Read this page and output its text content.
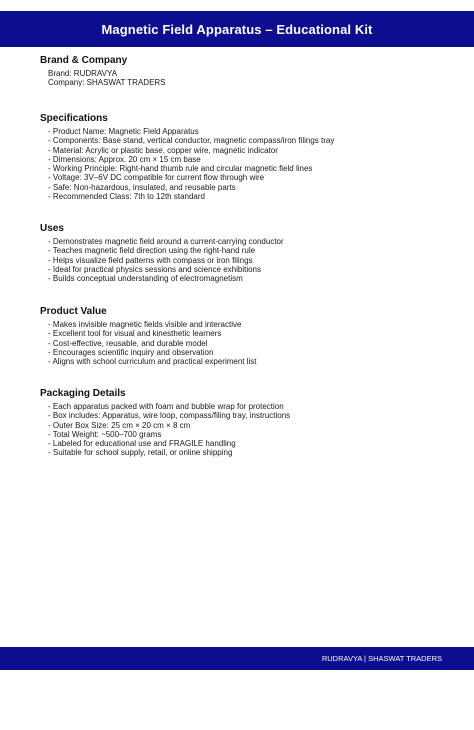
Magnetic Field Apparatus – Educational Kit
Brand & Company
Brand: RUDRAVYA
Company: SHASWAT TRADERS
Specifications
- Product Name: Magnetic Field Apparatus
- Components: Base stand, vertical conductor, magnetic compass/iron filings tray
- Material: Acrylic or plastic base, copper wire, magnetic indicator
- Dimensions: Approx. 20 cm × 15 cm base
- Working Principle: Right-hand thumb rule and circular magnetic field lines
- Voltage: 3V–6V DC compatible for current flow through wire
- Safe: Non-hazardous, insulated, and reusable parts
- Recommended Class: 7th to 12th standard
Uses
- Demonstrates magnetic field around a current-carrying conductor
- Teaches magnetic field direction using the right-hand rule
- Helps visualize field patterns with compass or iron filings
- Ideal for practical physics sessions and science exhibitions
- Builds conceptual understanding of electromagnetism
Product Value
- Makes invisible magnetic fields visible and interactive
- Excellent tool for visual and kinesthetic learners
- Cost-effective, reusable, and durable model
- Encourages scientific inquiry and observation
- Aligns with school curriculum and practical experiment list
Packaging Details
- Each apparatus packed with foam and bubble wrap for protection
- Box includes: Apparatus, wire loop, compass/filing tray, instructions
- Outer Box Size: 25 cm × 20 cm × 8 cm
- Total Weight: ~500–700 grams
- Labeled for educational use and FRAGILE handling
- Suitable for school supply, retail, or online shipping
RUDRAVYA | SHASWAT TRADERS
